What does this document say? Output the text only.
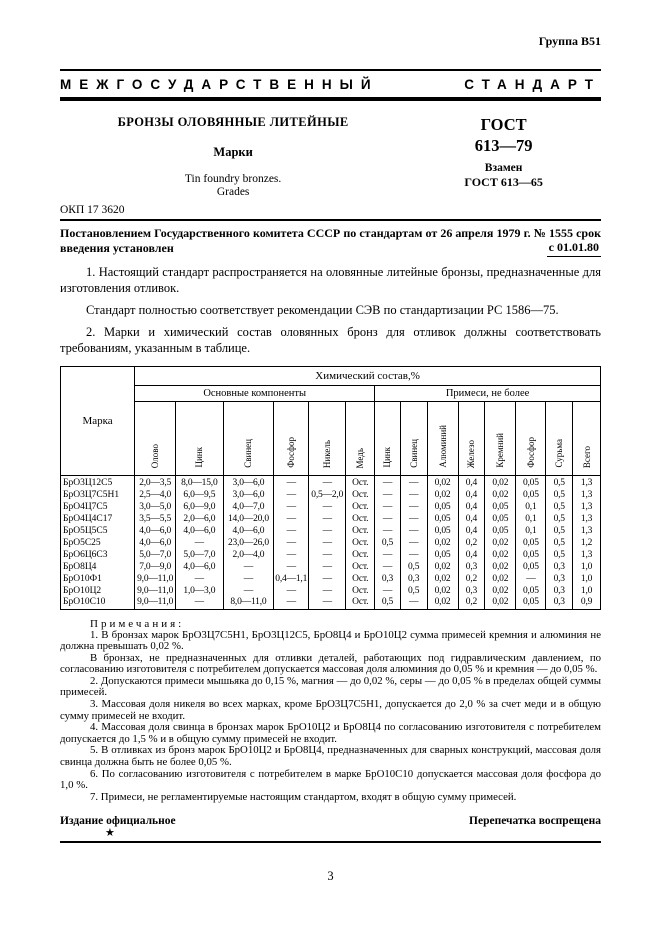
Группа В51
МЕЖГОСУДАРСТВЕННЫЙ СТАНДАРТ
БРОНЗЫ ОЛОВЯННЫЕ ЛИТЕЙНЫЕ
Марки
Tin foundry bronzes.
Grades
ГОСТ
613—79
Взамен
ГОСТ 613—65
ОКП 17 3620
Постановлением Государственного комитета СССР по стандартам от 26 апреля 1979 г. № 1555 срок введения установлен	с 01.01.80

1. Настоящий стандарт распространяется на оловянные литейные бронзы, предназначенные для изготовления отливок.

Стандарт полностью соответствует рекомендации СЭВ по стандартизации РС 1586—75.

2. Марки и химический состав оловянных бронз для отливок должны соответствовать требованиям, указанным в таблице.

Марка	Химический состав,%													
	Основные компоненты						Примеси, не более							
	Олово	Цинк	Свинец	Фосфор	Никель	Медь	Цинк	Свинец	Алюминий	Железо	Кремний	Фосфор	Сурьма	Всего
БрО3Ц12С5	2,0—3,5	8,0—15,0	3,0—6,0	—	—	Ост.	—	—	0,02	0,4	0,02	0,05	0,5	1,3
БрО3Ц7С5Н1	2,5—4,0	6,0—9,5	3,0—6,0	—	0,5—2,0	Ост.	—	—	0,02	0,4	0,02	0,05	0,5	1,3
БрО4Ц7С5	3,0—5,0	6,0—9,0	4,0—7,0	—	—	Ост.	—	—	0,05	0,4	0,05	0,1	0,5	1,3
БрО4Ц4С17	3,5—5,5	2,0—6,0	14,0—20,0	—	—	Ост.	—	—	0,05	0,4	0,05	0,1	0,5	1,3
БрО5Ц5С5	4,0—6,0	4,0—6,0	4,0—6,0	—	—	Ост.	—	—	0,05	0,4	0,05	0,1	0,5	1,3
БрО5С25	4,0—6,0	—	23,0—26,0	—	—	Ост.	0,5	—	0,02	0,2	0,02	0,05	0,5	1,2
БрО6Ц6С3	5,0—7,0	5,0—7,0	2,0—4,0	—	—	Ост.	—	—	0,05	0,4	0,02	0,05	0,5	1,3
БрО8Ц4	7,0—9,0	4,0—6,0	—	—	—	Ост.	—	0,5	0,02	0,3	0,02	0,05	0,3	1,0
БрО10Ф1	9,0—11,0	—	—	0,4—1,1	—	Ост.	0,3	0,3	0,02	0,2	0,02	—	0,3	1,0
БрО10Ц2	9,0—11,0	1,0—3,0	—	—	—	Ост.	—	0,5	0,02	0,3	0,02	0,05	0,3	1,0
БрО10С10	9,0—11,0	—	8,0—11,0	—	—	Ост.	0,5	—	0,02	0,2	0,02	0,05	0,3	0,9
Примечания:

1. В бронзах марок БрО3Ц7С5Н1, БрО3Ц12С5, БрО8Ц4 и БрО10Ц2 сумма примесей кремния и алюминия не должна превышать 0,02 %.

В бронзах, не предназначенных для отливки деталей, работающих под гидравлическим давлением, по согласованию изготовителя с потребителем допускается массовая доля алюминия до 0,05 % и кремния — до 0,05 %.

2. Допускаются примеси мышьяка до 0,15 %, магния — до 0,02 %, серы — до 0,05 % в пределах общей суммы примесей.

3. Массовая доля никеля во всех марках, кроме БрО3Ц7С5Н1, допускается до 2,0 % за счет меди и в общую сумму примесей не входит.

4. Массовая доля свинца в бронзах марок БрО10Ц2 и БрО8Ц4 по согласованию изготовителя с потребителем допускается до 1,5 % и в общую сумму примесей не входит.

5. В отливках из бронз марок БрО10Ц2 и БрО8Ц4, предназначенных для сварных конструкций, массовая доля свинца должна быть не более 0,05 %.

6. По согласованию изготовителя с потребителем в марке БрО10С10 допускается массовая доля фосфора до 1,0 %.

7. Примеси, не регламентируемые настоящим стандартом, входят в общую сумму примесей.

Издание официальное	Перепечатка воспрещена
★
3
